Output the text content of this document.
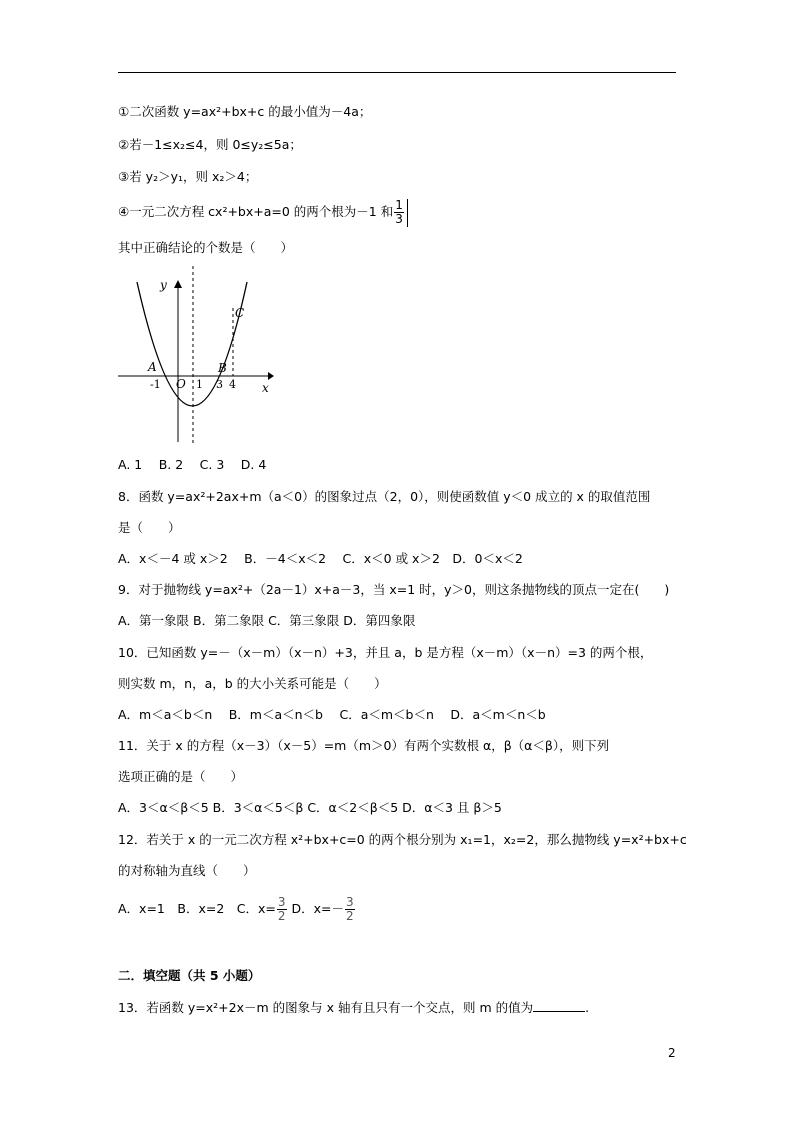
①二次函数 y=ax²+bx+c 的最小值为－4a；
②若－1≤x₂≤4，则 0≤y₂≤5a；
③若 y₂＞y₁，则 x₂＞4；
④一元二次方程 cx²+bx+a=0 的两个根为－1 和 $\frac{1}{3}$
其中正确结论的个数是（　　）
y
x
O
A	B
C
-1	1 3 4
A. 1　 B. 2　 C. 3　 D. 4
8．函数 y=ax²+2ax+m（a＜0）的图象过点（2，0），则使函数值 y＜0 成立的 x 的取值范围
是（　　）
A．x＜－4 或 x＞2　 B．－4＜x＜2　 C．x＜0 或 x＞2　D．0＜x＜2
9．对于抛物线 y=ax²+（2a－1）x+a－3，当 x=1 时，y＞0，则这条抛物线的顶点一定在(　　)
A．第一象限 B．第二象限 C．第三象限 D．第四象限
10．已知函数 y=－（x－m）（x－n）+3，并且 a，b 是方程（x－m）（x－n）=3 的两个根，
则实数 m，n，a，b 的大小关系可能是（　　）
A．m＜a＜b＜n　 B．m＜a＜n＜b　 C．a＜m＜b＜n　 D．a＜m＜n＜b
11．关于 x 的方程（x－3）（x－5）=m（m＞0）有两个实数根 α，β（α＜β），则下列
选项正确的是（　　）
A．3＜α＜β＜5 B．3＜α＜5＜β C．α＜2＜β＜5 D．α＜3 且 β＞5
12．若关于 x 的一元二次方程 x²+bx+c=0 的两个根分别为 x₁=1，x₂=2，那么抛物线 y=x²+bx+c
的对称轴为直线（　　）
A．x=1　B．x=2　C．$x= \frac{3}{2}$ D．$x=- \frac{3}{2}$
二．填空题（共 5 小题）
13．若函数 y=x²+2x－m 的图象与 x 轴有且只有一个交点，则 m 的值为	.
2
